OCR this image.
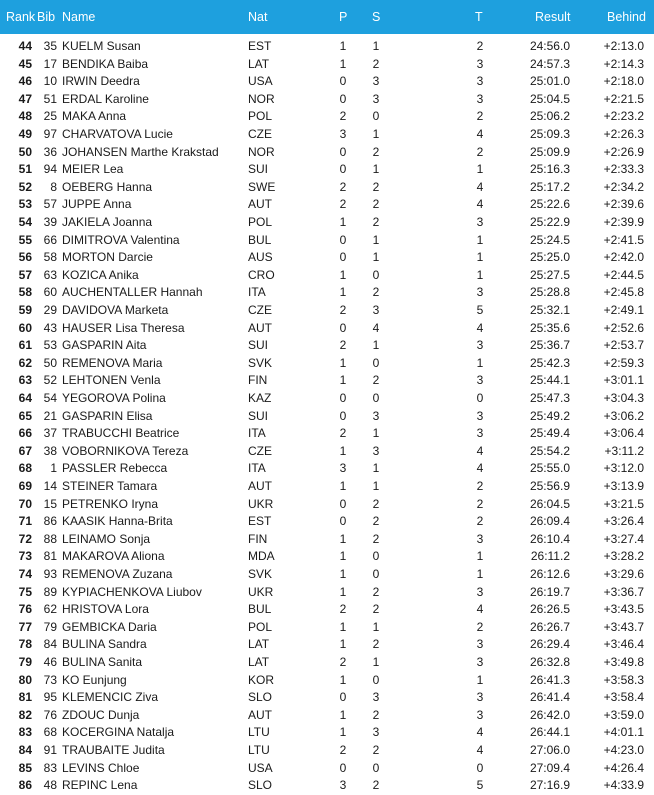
Rank Bib Name	Nat	P S	T	Result	Behind
44 35 KUELM Susan	EST	1	1	2	24:56.0	+2:13.0
45 17 BENDIKA Baiba	LAT	1	2	3	24:57.3	+2:14.3
46 10 IRWIN Deedra	USA	0	3	3	25:01.0	+2:18.0
47 51 ERDAL Karoline	NOR	0	3	3	25:04.5	+2:21.5
48 25 MAKA Anna	POL	2	0	2	25:06.2	+2:23.2
49 97 CHARVATOVA Lucie	CZE	3	1	4	25:09.3	+2:26.3
50 36 JOHANSEN Marthe Krakstad NOR	0	2	2	25:09.9	+2:26.9
51 94 MEIER Lea	SUI	0	1	1	25:16.3	+2:33.3
52	8 OEBERG Hanna	SWE	2	2	4	25:17.2	+2:34.2
53 57 JUPPE Anna	AUT	2	2	4	25:22.6	+2:39.6
54 39 JAKIELA Joanna	POL	1	2	3	25:22.9	+2:39.9
55 66 DIMITROVA Valentina	BUL	0	1	1	25:24.5	+2:41.5
56 58 MORTON Darcie	AUS	0	1	1	25:25.0	+2:42.0
57 63 KOZICA Anika	CRO	1	0	1	25:27.5	+2:44.5
58 60 AUCHENTALLER Hannah	ITA	1	2	3	25:28.8	+2:45.8
59 29 DAVIDOVA Marketa	CZE	2	3	5	25:32.1	+2:49.1
60 43 HAUSER Lisa Theresa	AUT	0	4	4	25:35.6	+2:52.6
61 53 GASPARIN Aita	SUI	2	1	3	25:36.7	+2:53.7
62 50 REMENOVA Maria	SVK	1	0	1	25:42.3	+2:59.3
63 52 LEHTONEN Venla	FIN	1	2	3	25:44.1	+3:01.1
64 54 YEGOROVA Polina	KAZ	0	0	0	25:47.3	+3:04.3
65 21 GASPARIN Elisa	SUI	0	3	3	25:49.2	+3:06.2
66 37 TRABUCCHI Beatrice	ITA	2	1	3	25:49.4	+3:06.4
67 38 VOBORNIKOVA Tereza	CZE	1	3	4	25:54.2	+3:11.2
68	1 PASSLER Rebecca	ITA	3	1	4	25:55.0	+3:12.0
69 14 STEINER Tamara	AUT	1	1	2	25:56.9	+3:13.9
70 15 PETRENKO Iryna	UKR	0	2	2	26:04.5	+3:21.5
71 86 KAASIK Hanna-Brita	EST	0	2	2	26:09.4	+3:26.4
72 88 LEINAMO Sonja	FIN	1	2	3	26:10.4	+3:27.4
73 81 MAKAROVA Aliona	MDA	1	0	1	26:11.2	+3:28.2
74 93 REMENOVA Zuzana	SVK	1	0	1	26:12.6	+3:29.6
75 89 KYPIACHENKOVA Liubov	UKR	1	2	3	26:19.7	+3:36.7
76 62 HRISTOVA Lora	BUL	2	2	4	26:26.5	+3:43.5
77 79 GEMBICKA Daria	POL	1	1	2	26:26.7	+3:43.7
78 84 BULINA Sandra	LAT	1	2	3	26:29.4	+3:46.4
79 46 BULINA Sanita	LAT	2	1	3	26:32.8	+3:49.8
80 73 KO Eunjung	KOR	1	0	1	26:41.3	+3:58.3
81 95 KLEMENCIC Ziva	SLO	0	3	3	26:41.4	+3:58.4
82 76 ZDOUC Dunja	AUT	1	2	3	26:42.0	+3:59.0
83 68 KOCERGINA Natalja	LTU	1	3	4	26:44.1	+4:01.1
84 91 TRAUBAITE Judita	LTU	2	2	4	27:06.0	+4:23.0
85 83 LEVINS Chloe	USA	0	0	0	27:09.4	+4:26.4
86 48 REPINC Lena	SLO	3	2	5	27:16.9	+4:33.9
